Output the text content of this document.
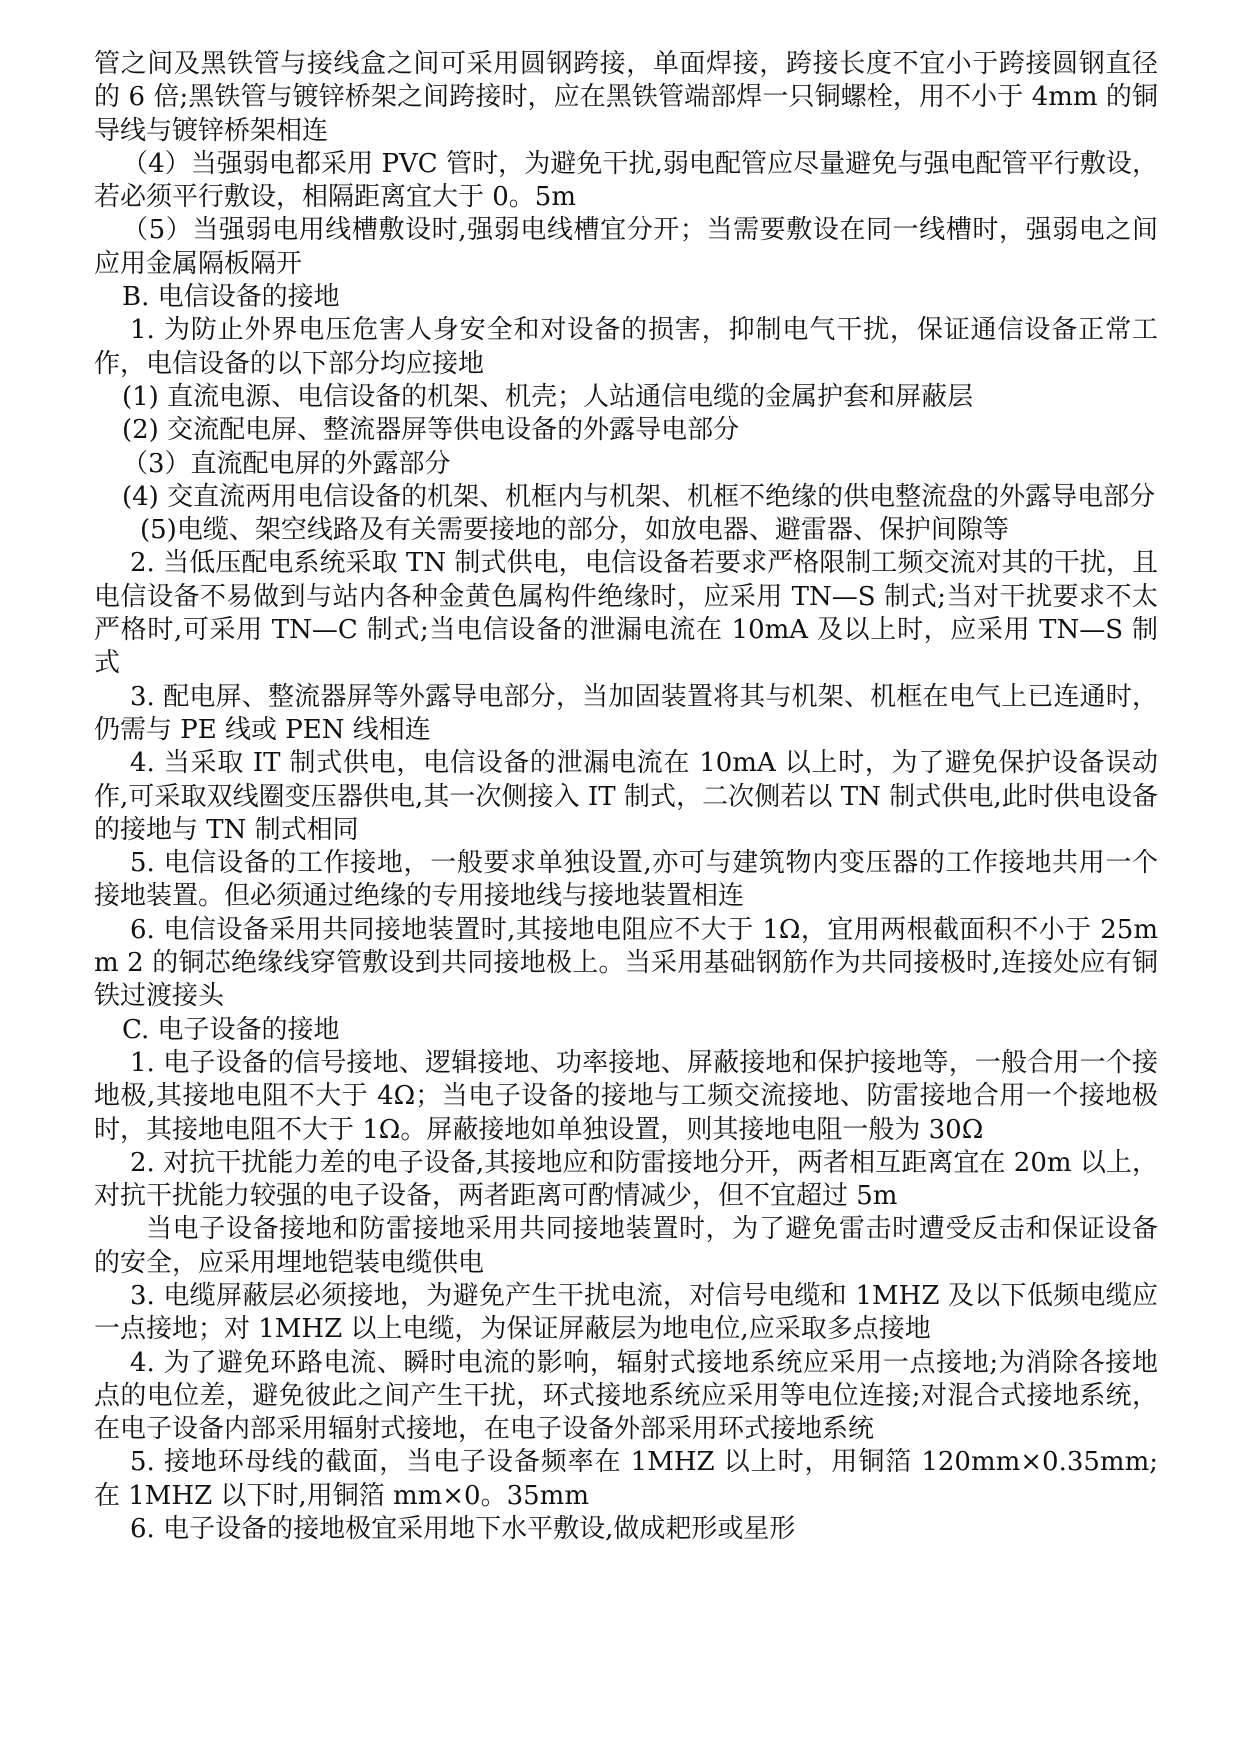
管之间及黑铁管与接线盒之间可采用圆钢跨接，单面焊接，跨接长度不宜小于跨接圆钢直径的 6 倍;黑铁管与镀锌桥架之间跨接时，应在黑铁管端部焊一只铜螺栓，用不小于 4mm 的铜导线与镀锌桥架相连

（4）当强弱电都采用 PVC 管时，为避免干扰,弱电配管应尽量避免与强电配管平行敷设，若必须平行敷设，相隔距离宜大于 0。5m

（5）当强弱电用线槽敷设时,强弱电线槽宜分开；当需要敷设在同一线槽时，强弱电之间应用金属隔板隔开

B. 电信设备的接地

1. 为防止外界电压危害人身安全和对设备的损害，抑制电气干扰，保证通信设备正常工作，电信设备的以下部分均应接地

(1) 直流电源、电信设备的机架、机壳；人站通信电缆的金属护套和屏蔽层

(2) 交流配电屏、整流器屏等供电设备的外露导电部分

（3）直流配电屏的外露部分

(4) 交直流两用电信设备的机架、机框内与机架、机框不绝缘的供电整流盘的外露导电部分

(5)电缆、架空线路及有关需要接地的部分，如放电器、避雷器、保护间隙等

2. 当低压配电系统采取 TN 制式供电，电信设备若要求严格限制工频交流对其的干扰，且电信设备不易做到与站内各种金黄色属构件绝缘时，应采用 TN—S 制式;当对干扰要求不太严格时,可采用 TN—C 制式;当电信设备的泄漏电流在 10mA 及以上时，应采用 TN—S 制式

3. 配电屏、整流器屏等外露导电部分，当加固装置将其与机架、机框在电气上已连通时，仍需与 PE 线或 PEN 线相连

4. 当采取 IT 制式供电，电信设备的泄漏电流在 10mA 以上时，为了避免保护设备误动作,可采取双线圈变压器供电,其一次侧接入 IT 制式，二次侧若以 TN 制式供电,此时供电设备的接地与 TN 制式相同

5. 电信设备的工作接地，一般要求单独设置,亦可与建筑物内变压器的工作接地共用一个接地装置。但必须通过绝缘的专用接地线与接地装置相连

6. 电信设备采用共同接地装置时,其接地电阻应不大于 1Ω，宜用两根截面积不小于 25mm 2 的铜芯绝缘线穿管敷设到共同接地极上。当采用基础钢筋作为共同接极时,连接处应有铜铁过渡接头

C. 电子设备的接地

1. 电子设备的信号接地、逻辑接地、功率接地、屏蔽接地和保护接地等，一般合用一个接地极,其接地电阻不大于 4Ω；当电子设备的接地与工频交流接地、防雷接地合用一个接地极时，其接地电阻不大于 1Ω。屏蔽接地如单独设置，则其接地电阻一般为 30Ω

2. 对抗干扰能力差的电子设备,其接地应和防雷接地分开，两者相互距离宜在 20m 以上，对抗干扰能力较强的电子设备，两者距离可酌情减少，但不宜超过 5m

当电子设备接地和防雷接地采用共同接地装置时，为了避免雷击时遭受反击和保证设备的安全，应采用埋地铠装电缆供电

3. 电缆屏蔽层必须接地，为避免产生干扰电流，对信号电缆和 1MHZ 及以下低频电缆应一点接地；对 1MHZ 以上电缆，为保证屏蔽层为地电位,应采取多点接地

4. 为了避免环路电流、瞬时电流的影响，辐射式接地系统应采用一点接地;为消除各接地点的电位差，避免彼此之间产生干扰，环式接地系统应采用等电位连接;对混合式接地系统，在电子设备内部采用辐射式接地，在电子设备外部采用环式接地系统

5. 接地环母线的截面，当电子设备频率在 1MHZ 以上时，用铜箔 120mm×0.35mm;在 1MHZ 以下时,用铜箔 mm×0。35mm

6. 电子设备的接地极宜采用地下水平敷设,做成耙形或星形
